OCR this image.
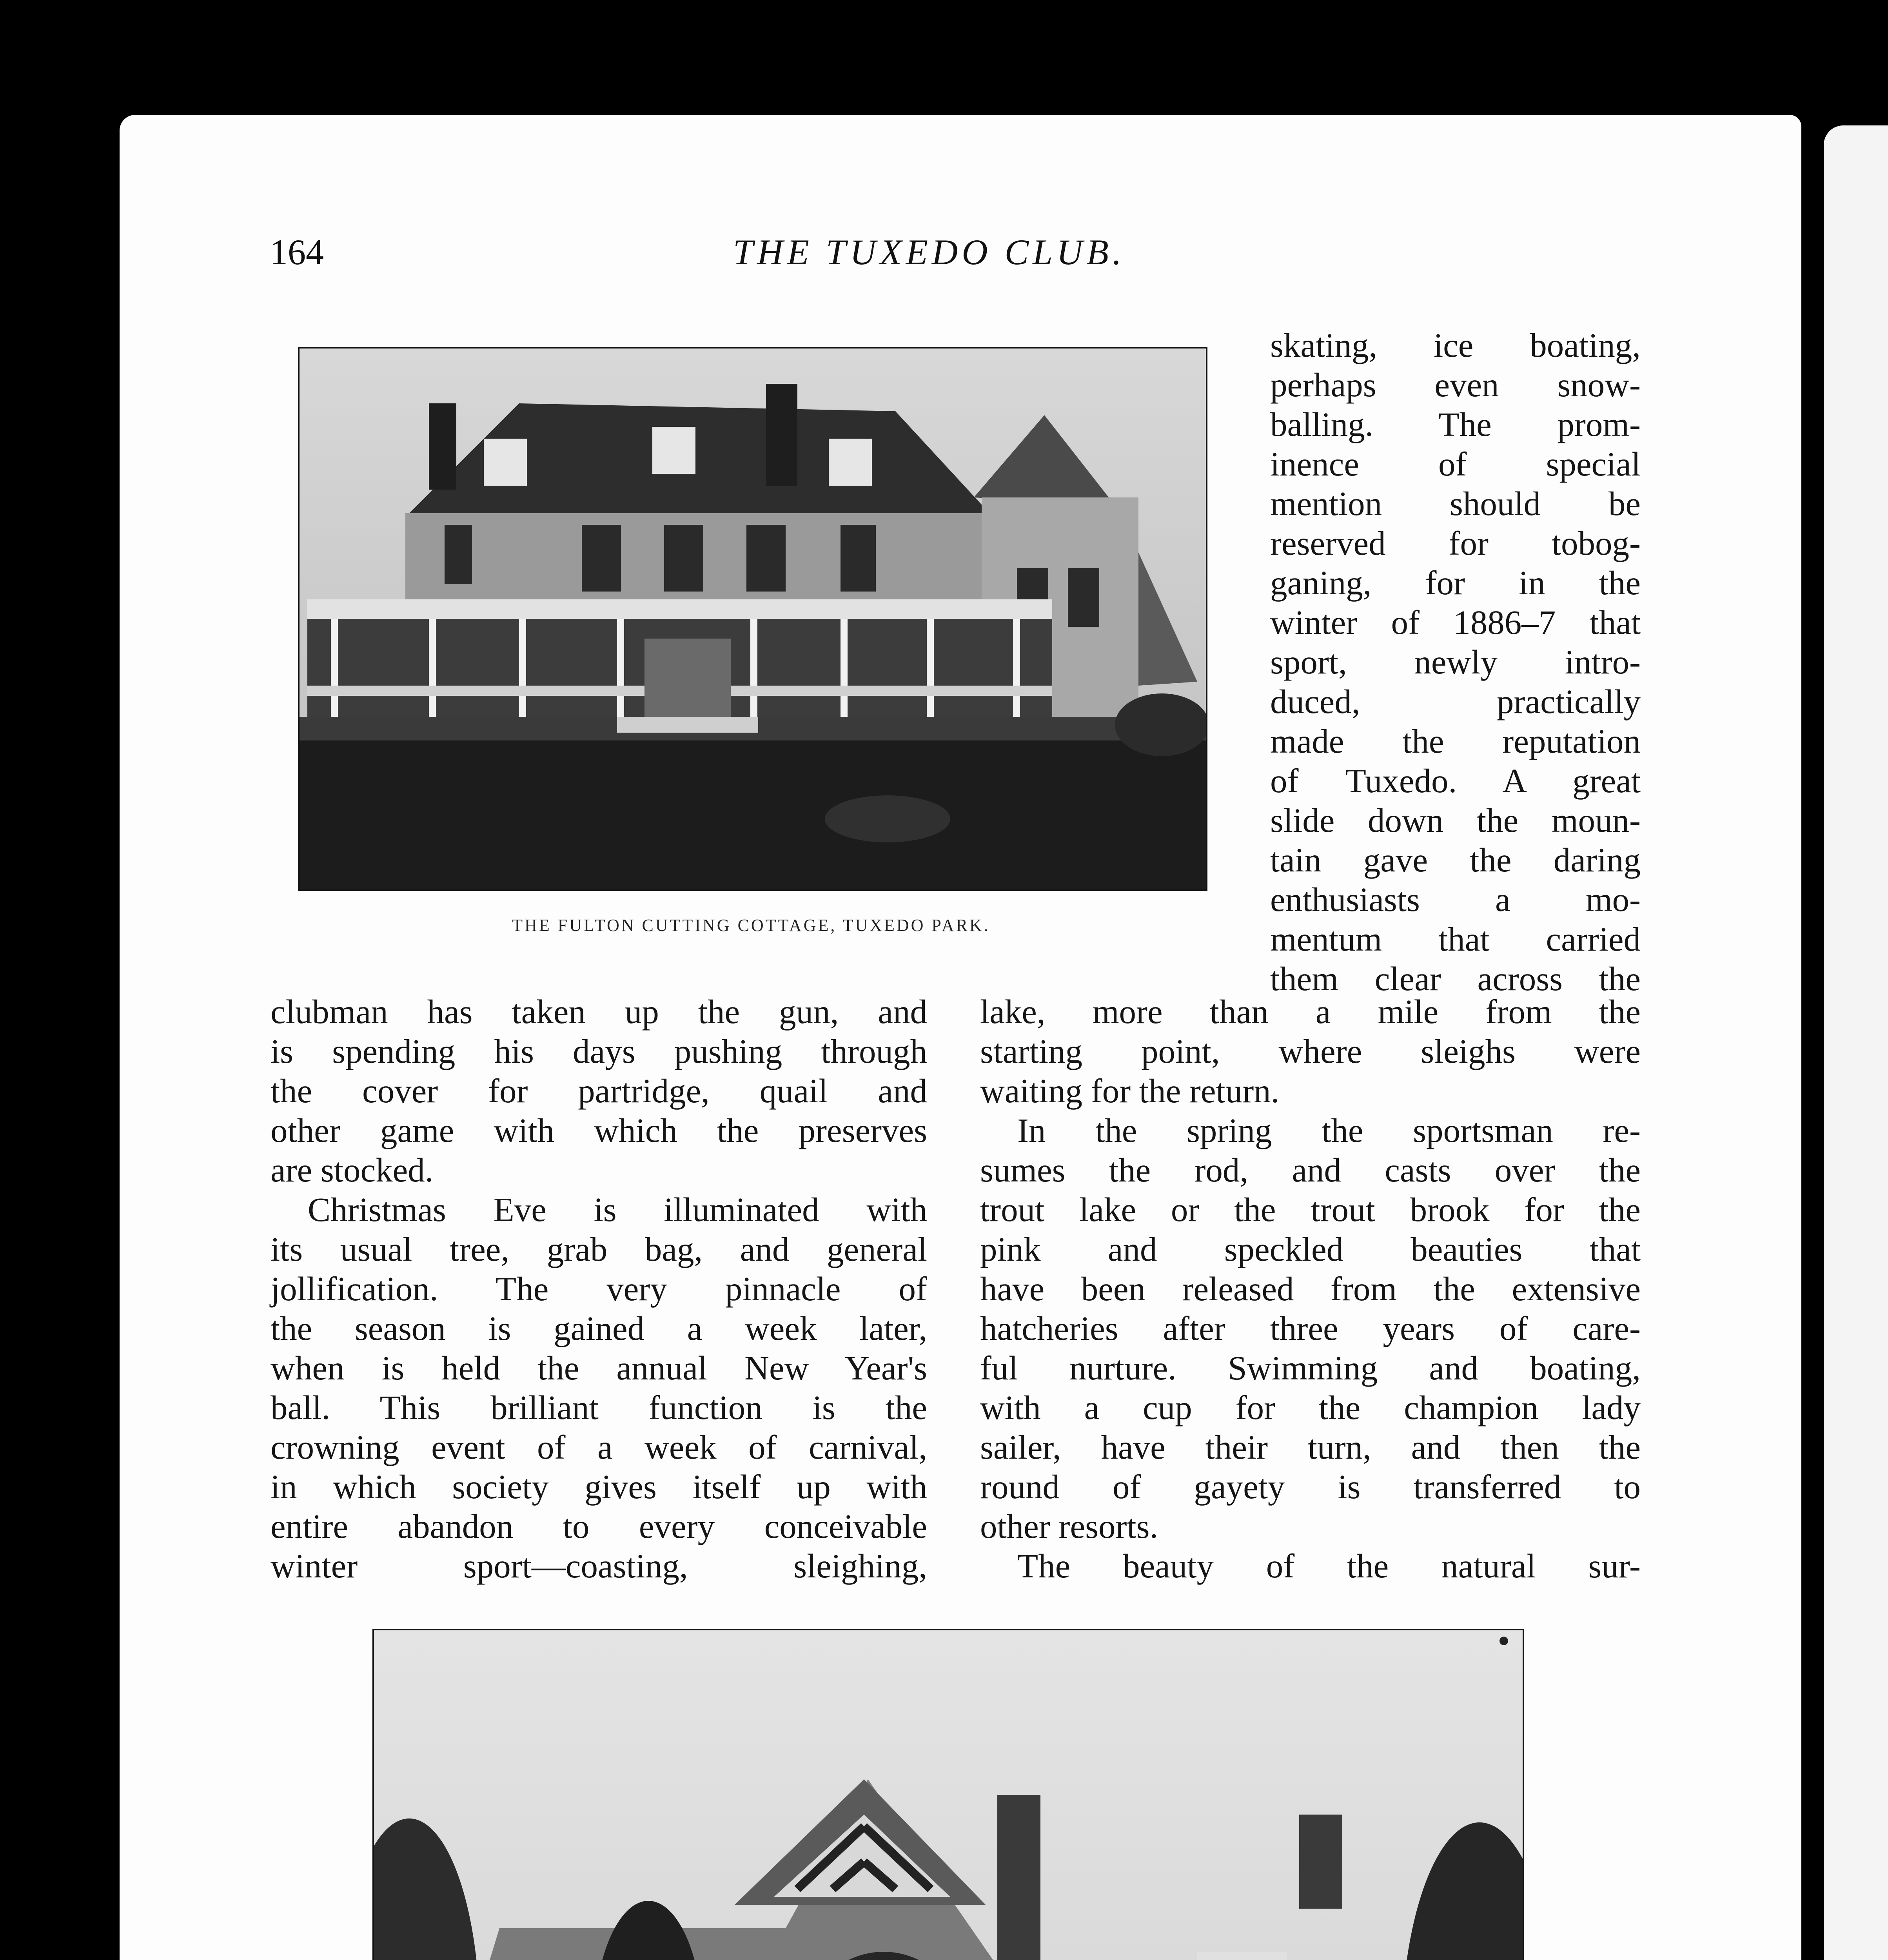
164	THE TUXEDO CLUB.
THE FULTON CUTTING COTTAGE, TUXEDO PARK.
skating, ice boating,
perhaps even snow-
balling. The prom-
inence of special
mention should be
reserved for tobog-
ganing, for in the
winter of 1886–7 that
sport, newly intro-
duced, practically
made the reputation
of Tuxedo. A great
slide down the moun-
tain gave the daring
enthusiasts a mo-
mentum that carried
them clear across the
clubman has taken up the gun, and
is spending his days pushing through
the cover for partridge, quail and
other game with which the preserves
are stocked.
Christmas Eve is illuminated with
its usual tree, grab bag, and general
jollification. The very pinnacle of
the season is gained a week later,
when is held the annual New Year's
ball. This brilliant function is the
crowning event of a week of carnival,
in which society gives itself up with
entire abandon to every conceivable
winter sport—coasting, sleighing,
lake, more than a mile from the
starting point, where sleighs were
waiting for the return.
In the spring the sportsman re-
sumes the rod, and casts over the
trout lake or the trout brook for the
pink and speckled beauties that
have been released from the extensive
hatcheries after three years of care-
ful nurture. Swimming and boating,
with a cup for the champion lady
sailer, have their turn, and then the
round of gayety is transferred to
other resorts.
The beauty of the natural sur-
